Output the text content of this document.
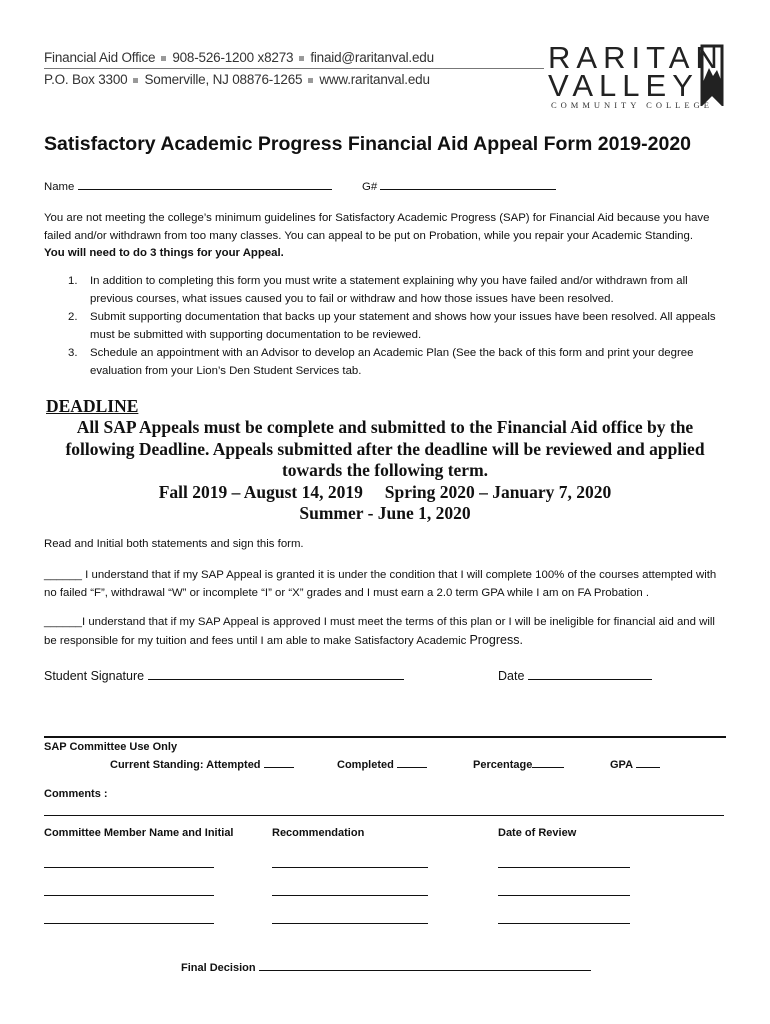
Financial Aid Office 908-526-1200 x8273 finaid@raritanval.edu
P.O. Box 3300 Somerville, NJ 08876-1265 www.raritanval.edu
RARITAN
VALLEY
COMMUNITY COLLEGE
Satisfactory Academic Progress Financial Aid Appeal Form 2019-2020
Name	G#
You are not meeting the college’s minimum guidelines for Satisfactory Academic Progress (SAP) for Financial Aid because you have failed and/or withdrawn from too many classes. You can appeal to be put on Probation, while you repair your Academic Standing.
You will need to do 3 things for your Appeal.
1. In addition to completing this form you must write a statement explaining why you have failed and/or withdrawn from all previous courses, what issues caused you to fail or withdraw and how those issues have been resolved.
2. Submit supporting documentation that backs up your statement and shows how your issues have been resolved. All appeals must be submitted with supporting documentation to be reviewed.
3. Schedule an appointment with an Advisor to develop an Academic Plan (See the back of this form and print your degree evaluation from your Lion’s Den Student Services tab.
DEADLINE
All SAP Appeals must be complete and submitted to the Financial Aid office by the
following Deadline. Appeals submitted after the deadline will be reviewed and applied
towards the following term.
Fall 2019 – August 14, 2019     Spring 2020 – January 7, 2020
Summer - June 1, 2020
Read and Initial both statements and sign this form.
______ I understand that if my SAP Appeal is granted it is under the condition that I will complete 100% of the courses attempted with no failed “F”, withdrawal “W” or incomplete “I” or “X” grades and I must earn a 2.0 term GPA while I am on FA Probation .
______I understand that if my SAP Appeal is approved I must meet the terms of this plan or I will be ineligible for financial aid and will be responsible for my tuition and fees until I am able to make Satisfactory Academic Progress.
Student Signature	Date
SAP Committee Use Only
Current Standing: Attempted	Completed	Percentage	GPA
Comments :
Committee Member Name and Initial	Recommendation	Date of Review
Final Decision
